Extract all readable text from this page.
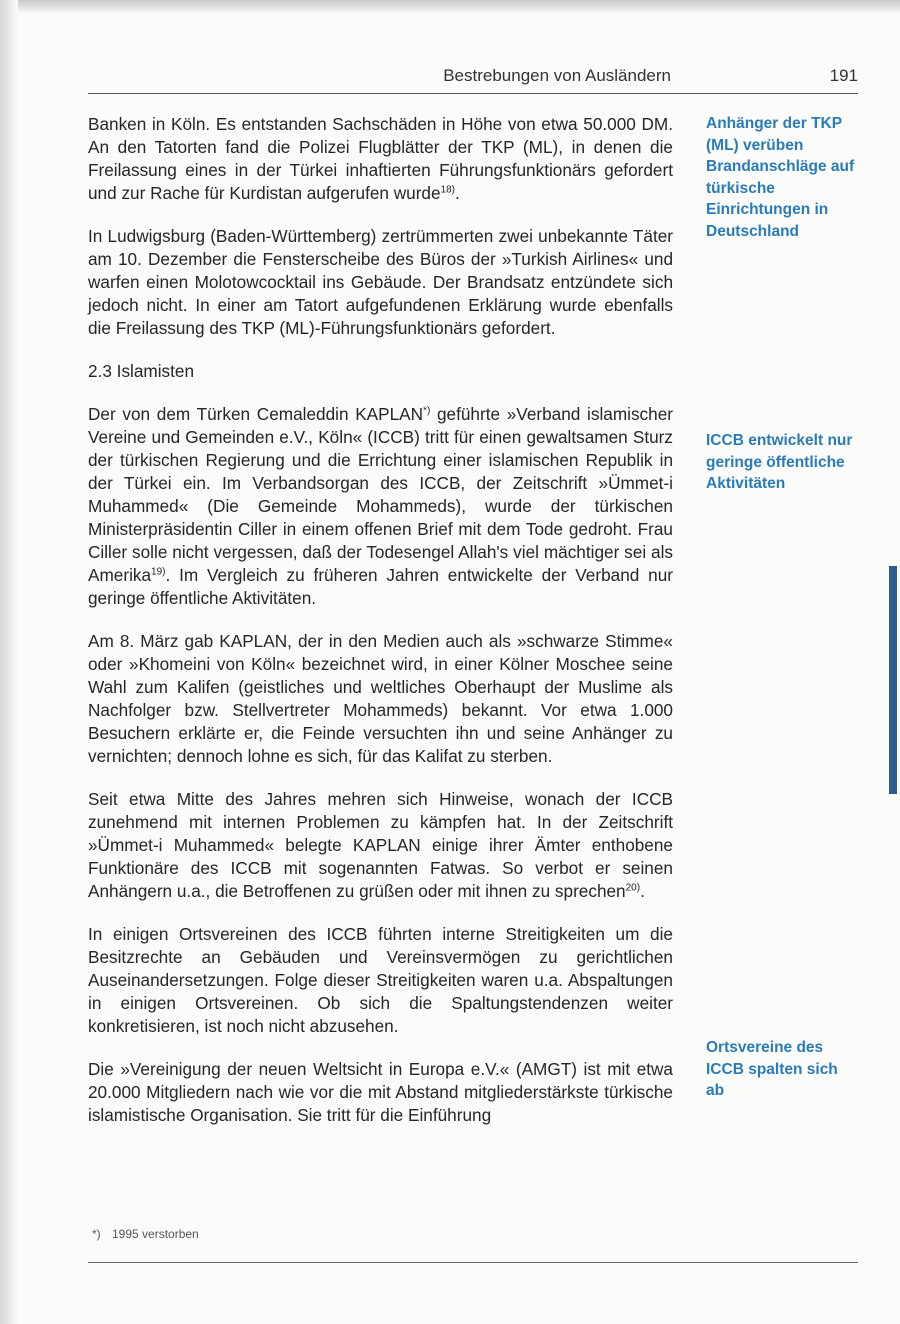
Bestrebungen von Ausländern	191

Banken in Köln. Es entstanden Sachschäden in Höhe von etwa 50.000 DM. An den Tatorten fand die Polizei Flugblätter der TKP (ML), in denen die Freilassung eines in der Türkei inhaftierten Führungsfunktionärs gefordert und zur Rache für Kurdistan aufgerufen wurde$^{18)}$.

In Ludwigsburg (Baden-Württemberg) zertrümmerten zwei unbekannte Täter am 10. Dezember die Fensterscheibe des Büros der »Turkish Airlines« und warfen einen Molotowcocktail ins Gebäude. Der Brandsatz entzündete sich jedoch nicht. In einer am Tatort aufgefundenen Erklärung wurde ebenfalls die Freilassung des TKP (ML)-Führungsfunktionärs gefordert.

2.3 Islamisten

Der von dem Türken Cemaleddin KAPLAN*) geführte »Verband islamischer Vereine und Gemeinden e.V., Köln« (ICCB) tritt für einen gewaltsamen Sturz der türkischen Regierung und die Errichtung einer islamischen Republik in der Türkei ein. Im Verbandsorgan des ICCB, der Zeitschrift »Ümmet-i Muhammed« (Die Gemeinde Mohammeds), wurde der türkischen Ministerpräsidentin Ciller in einem offenen Brief mit dem Tode gedroht. Frau Ciller solle nicht vergessen, daß der Todesengel Allah's viel mächtiger sei als Amerika$^{19)}$. Im Vergleich zu früheren Jahren entwickelte der Verband nur geringe öffentliche Aktivitäten.

Am 8. März gab KAPLAN, der in den Medien auch als »schwarze Stimme« oder »Khomeini von Köln« bezeichnet wird, in einer Kölner Moschee seine Wahl zum Kalifen (geistliches und weltliches Oberhaupt der Muslime als Nachfolger bzw. Stellvertreter Mohammeds) bekannt. Vor etwa 1.000 Besuchern erklärte er, die Feinde versuchten ihn und seine Anhänger zu vernichten; dennoch lohne es sich, für das Kalifat zu sterben.

Seit etwa Mitte des Jahres mehren sich Hinweise, wonach der ICCB zunehmend mit internen Problemen zu kämpfen hat. In der Zeitschrift »Ümmet-i Muhammed« belegte KAPLAN einige ihrer Ämter enthobene Funktionäre des ICCB mit sogenannten Fatwas. So verbot er seinen Anhängern u.a., die Betroffenen zu grüßen oder mit ihnen zu sprechen$^{20)}$.

In einigen Ortsvereinen des ICCB führten interne Streitigkeiten um die Besitzrechte an Gebäuden und Vereinsvermögen zu gerichtlichen Auseinandersetzungen. Folge dieser Streitigkeiten waren u.a. Abspaltungen in einigen Ortsvereinen. Ob sich die Spaltungstendenzen weiter konkretisieren, ist noch nicht abzusehen.

Die »Vereinigung der neuen Weltsicht in Europa e.V.« (AMGT) ist mit etwa 20.000 Mitgliedern nach wie vor die mit Abstand mitgliederstärkste türkische islamistische Organisation. Sie tritt für die Einführung

Anhänger der TKP (ML) verüben Brandanschläge auf türkische Einrichtungen in Deutschland
ICCB entwickelt nur geringe öffentliche Aktivitäten
Ortsvereine des ICCB spalten sich ab
*) 1995 verstorben
